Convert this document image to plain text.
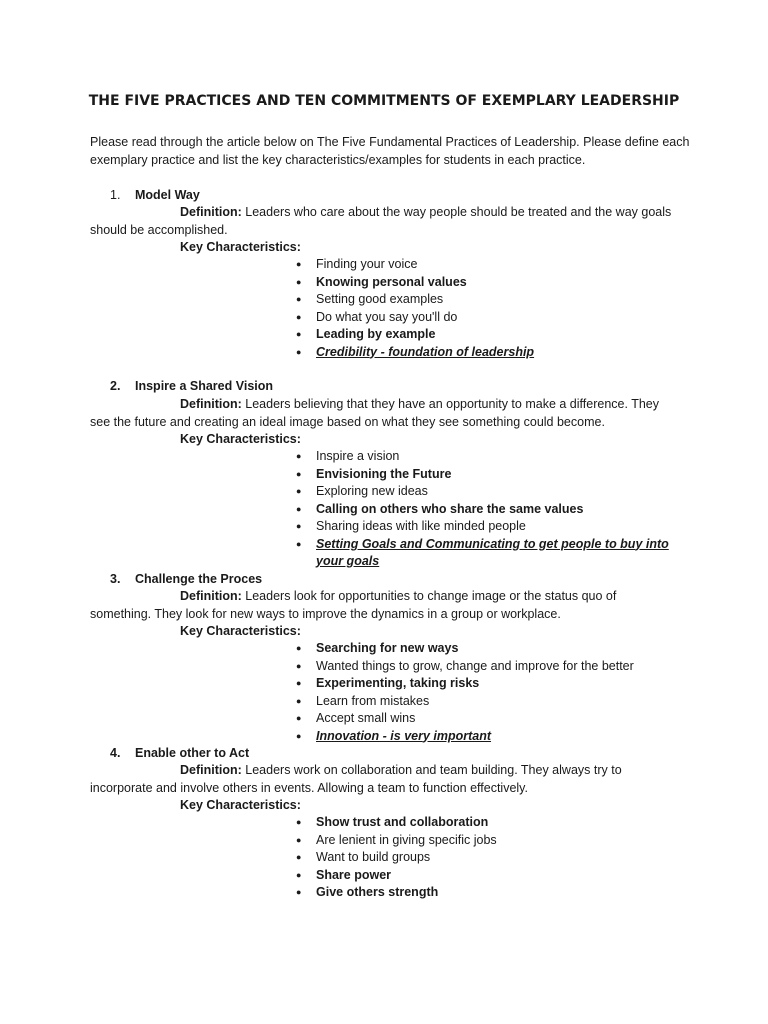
THE FIVE PRACTICES AND TEN COMMITMENTS OF EXEMPLARY LEADERSHIP
Please read through the article below on The Five Fundamental Practices of Leadership. Please define each exemplary practice and list the key characteristics/examples for students in each practice.
1. Model Way
Definition: Leaders who care about the way people should be treated and the way goals should be accomplished.
Key Characteristics:
● Finding your voice
● Knowing personal values
● Setting good examples
● Do what you say you'll do
● Leading by example
● Credibility - foundation of leadership
2. Inspire a Shared Vision
Definition: Leaders believing that they have an opportunity to make a difference. They see the future and creating an ideal image based on what they see something could become.
Key Characteristics:
● Inspire a vision
● Envisioning the Future
● Exploring new ideas
● Calling on others who share the same values
● Sharing ideas with like minded people
● Setting Goals and Communicating to get people to buy into your goals
3. Challenge the Proces
Definition: Leaders look for opportunities to change image or the status quo of something. They look for new ways to improve the dynamics in a group or workplace.
Key Characteristics:
● Searching for new ways
● Wanted things to grow, change and improve for the better
● Experimenting, taking risks
● Learn from mistakes
● Accept small wins
● Innovation - is very important
4. Enable other to Act
Definition: Leaders work on collaboration and team building. They always try to incorporate and involve others in events. Allowing a team to function effectively.
Key Characteristics:
● Show trust and collaboration
● Are lenient in giving specific jobs
● Want to build groups
● Share power
● Give others strength
